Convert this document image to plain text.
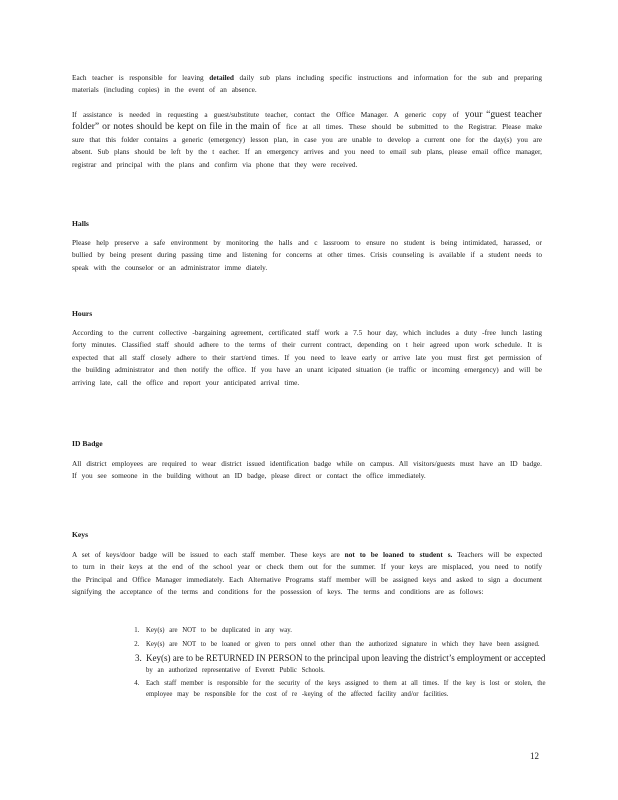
Each teacher is responsible for leaving detailed daily sub plans including specific instructions and information for the sub and preparing materials (including copies) in the event of an absence.

If assistance is needed in requesting a guest/substitute teacher, contact the Office Manager. A generic copy of your “guest teacher folder” or notes should be kept on file in the main of fice at all times. These should be submitted to the Registrar. Please make sure that this folder contains a generic (emergency) lesson plan, in case you are unable to develop a current one for the day(s) you are absent. Sub plans should be left by the t eacher. If an emergency arrives and you need to email sub plans, please email office manager, registrar and principal with the plans and confirm via phone that they were received.

Halls

Please help preserve a safe environment by monitoring the halls and c lassroom to ensure no student is being intimidated, harassed, or bullied by being present during passing time and listening for concerns at other times. Crisis counseling is available if a student needs to speak with the counselor or an administrator imme diately.

Hours

According to the current collective -bargaining agreement, certificated staff work a 7.5 hour day, which includes a duty -free lunch lasting forty minutes. Classified staff should adhere to the terms of their current contract, depending on t heir agreed upon work schedule. It is expected that all staff closely adhere to their start/end times. If you need to leave early or arrive late you must first get permission of the building administrator and then notify the office. If you have an unant icipated situation (ie traffic or incoming emergency) and will be arriving late, call the office and report your anticipated arrival time.

ID Badge

All district employees are required to wear district issued identification badge while on campus. All visitors/guests must have an ID badge. If you see someone in the building without an ID badge, please direct or contact the office immediately.

Keys

A set of keys/door badge will be issued to each staff member. These keys are not to be loaned to student s. Teachers will be expected to turn in their keys at the end of the school year or check them out for the summer. If your keys are misplaced, you need to notify the Principal and Office Manager immediately. Each Alternative Programs staff member will be assigned keys and asked to sign a document signifying the acceptance of the terms and conditions for the possession of keys. The terms and conditions are as follows:

1. Key(s) are NOT to be duplicated in any way.
2. Key(s) are NOT to be loaned or given to pers onnel other than the authorized signature in which they have been assigned.
3. Key(s) are to be RETURNED IN PERSON to the principal upon leaving the district’s employment or accepted
by an authorized representative of Everett Public Schools.
4. Each staff member is responsible for the security of the keys assigned to them at all times. If the key is lost or stolen, the employee may be responsible for the cost of re -keying of the affected facility and/or facilities.
12
